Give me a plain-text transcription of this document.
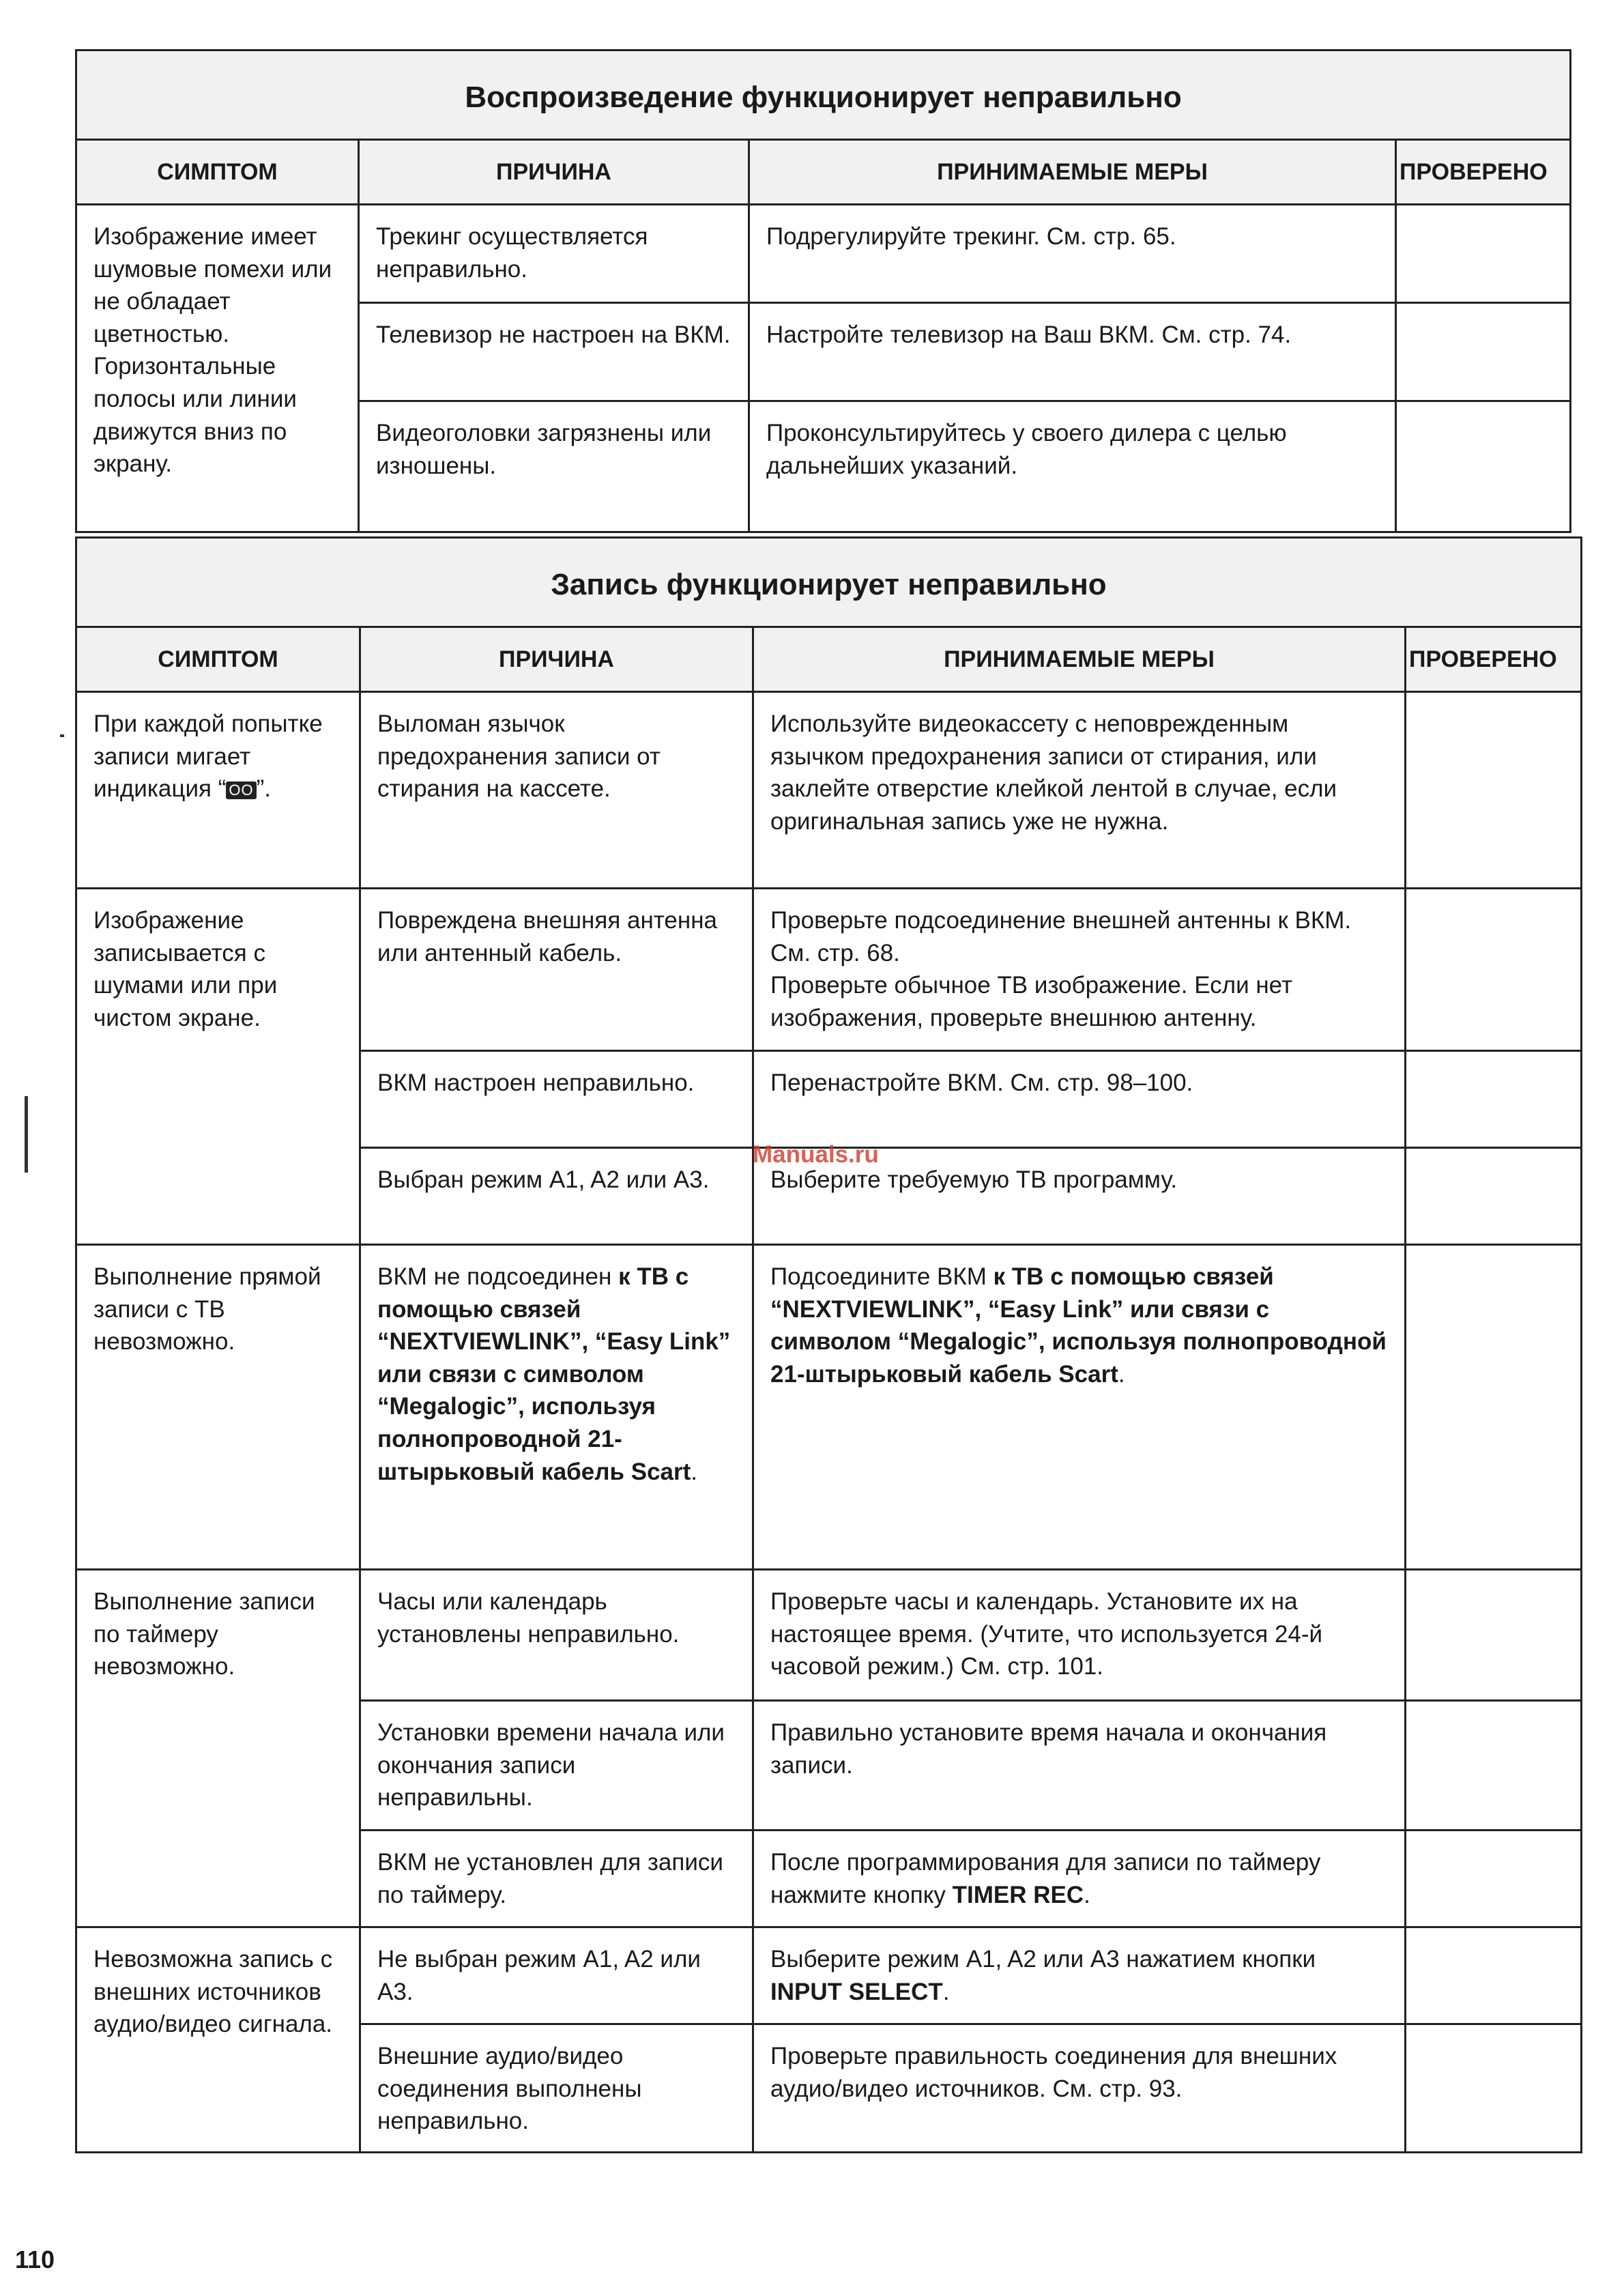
Воспроизведение функционирует неправильно			
СИМПТОМ	ПРИЧИНА	ПРИНИМАЕМЫЕ МЕРЫ	ПРОВЕРЕНО
Изображение имеет шумовые помехи или не обладает цветностью. Горизонтальные полосы или линии движутся вниз по экрану.	Трекинг осуществляется неправильно.	Подрегулируйте трекинг. См. стр. 65.	
	Телевизор не настроен на ВКМ.	Настройте телевизор на Ваш ВКМ. См. стр. 74.	
	Видеоголовки загрязнены или изношены.	Проконсультируйтесь у своего дилера с целью дальнейших указаний.	
Запись функционирует неправильно			
СИМПТОМ	ПРИЧИНА	ПРИНИМАЕМЫЕ МЕРЫ	ПРОВЕРЕНО
При каждой попытке записи мигает индикация “ OO ”.	Выломан язычок предохранения записи от стирания на кассете.	Используйте видеокассету с неповрежденным язычком предохранения записи от стирания, или заклейте отверстие клейкой лентой в случае, если оригинальная запись уже не нужна.	
Изображение записывается с шумами или при чистом экране.	Повреждена внешняя антенна или антенный кабель.	Проверьте подсоединение внешней антенны к ВКМ. См. стр. 68.
Проверьте обычное ТВ изображение. Если нет изображения, проверьте внешнюю антенну.	

	ВКМ настроен неправильно.	Перенастройте ВКМ. См. стр. 98–100.	
	Выбран режим A1, A2 или A3.	Выберите требуемую ТВ программу.	
Выполнение прямой записи с ТВ невозможно.	ВКМ не подсоединен к ТВ с помощью связей “NEXTVIEWLINK”, “Easy Link” или связи с символом “Megalogic”, используя полнопроводной 21-штырьковый кабель Scart.	Подсоедините ВКМ к ТВ с помощью связей “NEXTVIEWLINK”, “Easy Link” или связи с символом “Megalogic”, используя полнопроводной 21-штырьковый кабель Scart.	
Выполнение записи по таймеру невозможно.	Часы или календарь установлены неправильно.	Проверьте часы и календарь. Установите их на настоящее время. (Учтите, что используется 24-й часовой режим.) См. стр. 101.	
	Установки времени начала или окончания записи неправильны.	Правильно установите время начала и окончания записи.	
	ВКМ не установлен для записи по таймеру.	После программирования для записи по таймеру нажмите кнопку TIMER REC.	
Невозможна запись с внешних источников аудио/видео сигнала.	Не выбран режим A1, A2 или A3.	Выберите режим A1, A2 или A3 нажатием кнопки INPUT SELECT.	
	Внешние аудио/видео соединения выполнены неправильно.	Проверьте правильность соединения для внешних аудио/видео источников. См. стр. 93.	
Manuals.ru
110
